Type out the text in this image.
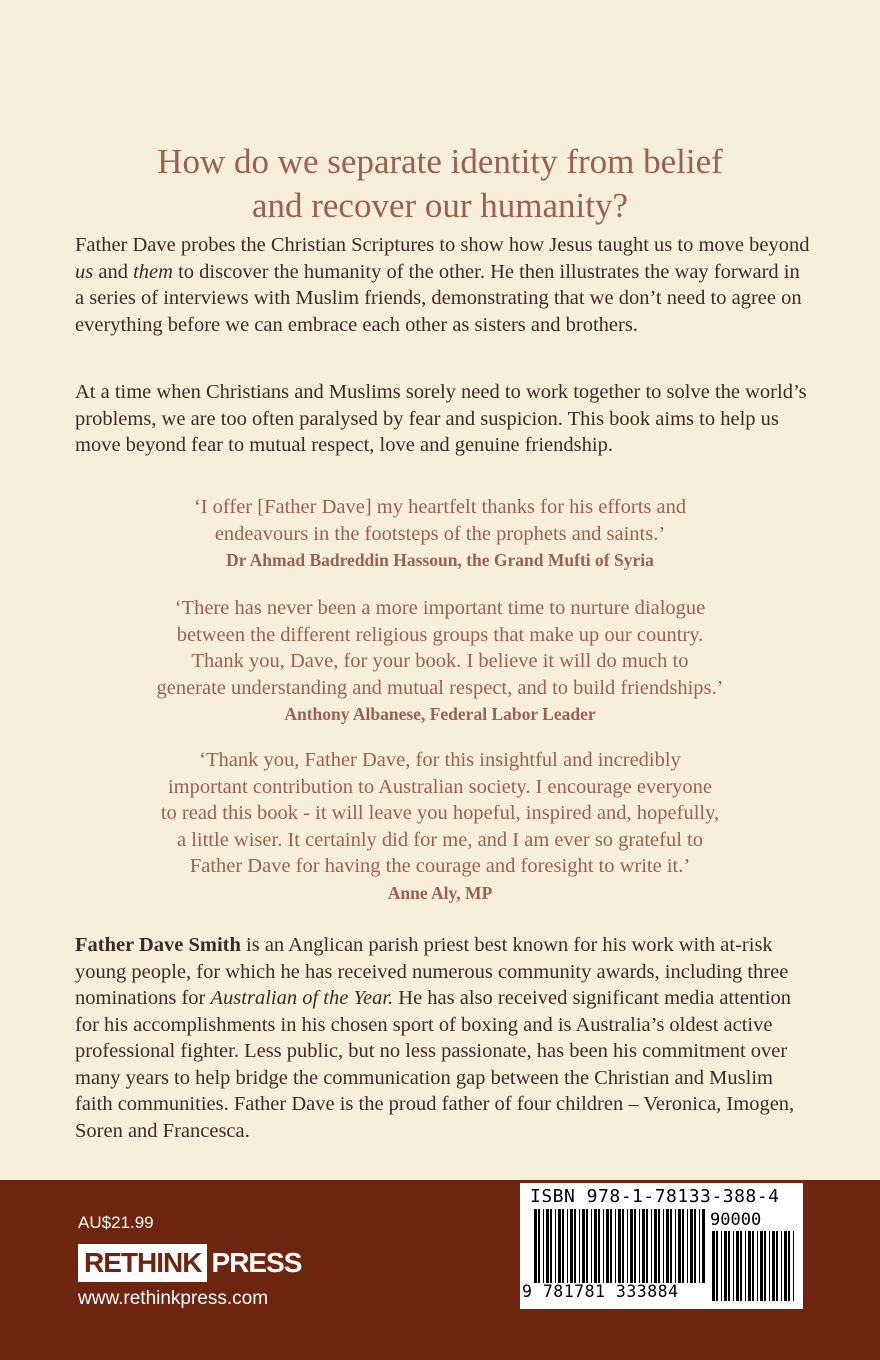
How do we separate identity from belief
and recover our humanity?

Father Dave probes the Christian Scriptures to show how Jesus taught us to move beyond us and them to discover the humanity of the other. He then illustrates the way forward in a series of interviews with Muslim friends, demonstrating that we don’t need to agree on everything before we can embrace each other as sisters and brothers.

At a time when Christians and Muslims sorely need to work together to solve the world’s problems, we are too often paralysed by fear and suspicion. This book aims to help us move beyond fear to mutual respect, love and genuine friendship.

‘I offer [Father Dave] my heartfelt thanks for his efforts and
endeavours in the footsteps of the prophets and saints.’
Dr Ahmad Badreddin Hassoun, the Grand Mufti of Syria
‘There has never been a more important time to nurture dialogue
between the different religious groups that make up our country.
Thank you, Dave, for your book. I believe it will do much to
generate understanding and mutual respect, and to build friendships.’
Anthony Albanese, Federal Labor Leader
‘Thank you, Father Dave, for this insightful and incredibly
important contribution to Australian society. I encourage everyone
to read this book - it will leave you hopeful, inspired and, hopefully,
a little wiser. It certainly did for me, and I am ever so grateful to
Father Dave for having the courage and foresight to write it.’
Anne Aly, MP

Father Dave Smith is an Anglican parish priest best known for his work with at-risk young people, for which he has received numerous community awards, including three nominations for Australian of the Year. He has also received significant media attention for his accomplishments in his chosen sport of boxing and is Australia’s oldest active professional fighter. Less public, but no less passionate, has been his commitment over many years to help bridge the communication gap between the Christian and Muslim faith communities. Father Dave is the proud father of four children – Veronica, Imogen, Soren and Francesca.

AU$21.99
RETHINK PRESS
www.rethinkpress.com
ISBN 978-1-78133-388-4
90000
9 781781 333884
